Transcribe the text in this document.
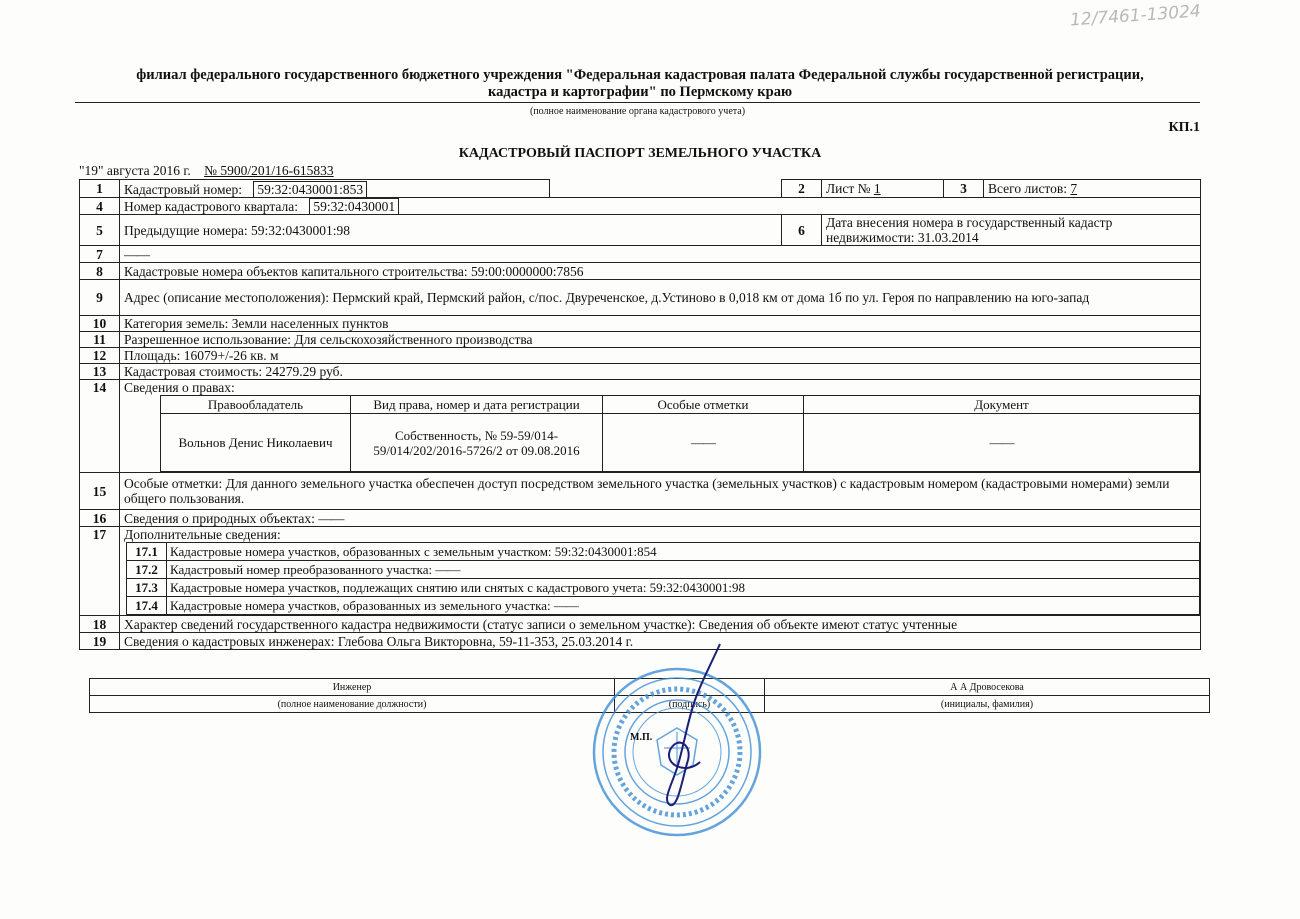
12/7461-13024
филиал федерального государственного бюджетного учреждения "Федеральная кадастровая палата Федеральной службы государственной регистрации,
кадастра и картографии" по Пермскому краю
(полное наименование органа кадастрового учета)
КП.1
КАДАСТРОВЫЙ ПАСПОРТ ЗЕМЕЛЬНОГО УЧАСТКА
"19" августа 2016 г. № 5900/201/16-615833
1	Кадастровый номер: 59:32:0430001:853		2	Лист № 1	3	Всего листов: 7
4	Номер кадастрового квартала: 59:32:0430001
5	Предыдущие номера: 59:32:0430001:98	6	Дата внесения номера в государственный кадастр недвижимости: 31.03.2014
7	——
8	Кадастровые номера объектов капитального строительства: 59:00:0000000:7856
9	Адрес (описание местоположения): Пермский край, Пермский район, с/пос. Двуреченское, д.Устиново в 0,018 км от дома 1б по ул. Героя по направлению на юго-запад
10	Категория земель: Земли населенных пунктов
11	Разрешенное использование: Для сельскохозяйственного производства
12	Площадь: 16079+/-26 кв. м
13	Кадастровая стоимость: 24279.29 руб.
14	Сведения о правах:
Правообладатель	Вид права, номер и дата регистрации	Особые отметки	Документ
Вольнов Денис Николаевич	Собственность, № 59-59/014-59/014/202/2016-5726/2 от 09.08.2016	——	——

15	Особые отметки: Для данного земельного участка обеспечен доступ посредством земельного участка (земельных участков) с кадастровым номером (кадастровыми номерами) земли общего пользования.
16	Сведения о природных объектах: ——
17	Дополнительные сведения:
17.1	Кадастровые номера участков, образованных с земельным участком: 59:32:0430001:854
17.2	Кадастровый номер преобразованного участка: ——
17.3	Кадастровые номера участков, подлежащих снятию или снятых с кадастрового учета: 59:32:0430001:98
17.4	Кадастровые номера участков, образованных из земельного участка: ——

18	Характер сведений государственного кадастра недвижимости (статус записи о земельном участке): Сведения об объекте имеют статус учтенные
19	Сведения о кадастровых инженерах: Глебова Ольга Викторовна, 59-11-353, 25.03.2014 г.
Инженер		А А Дровосекова
(полное наименование должности)	(подпись)	(инициалы, фамилия)
М.П.
